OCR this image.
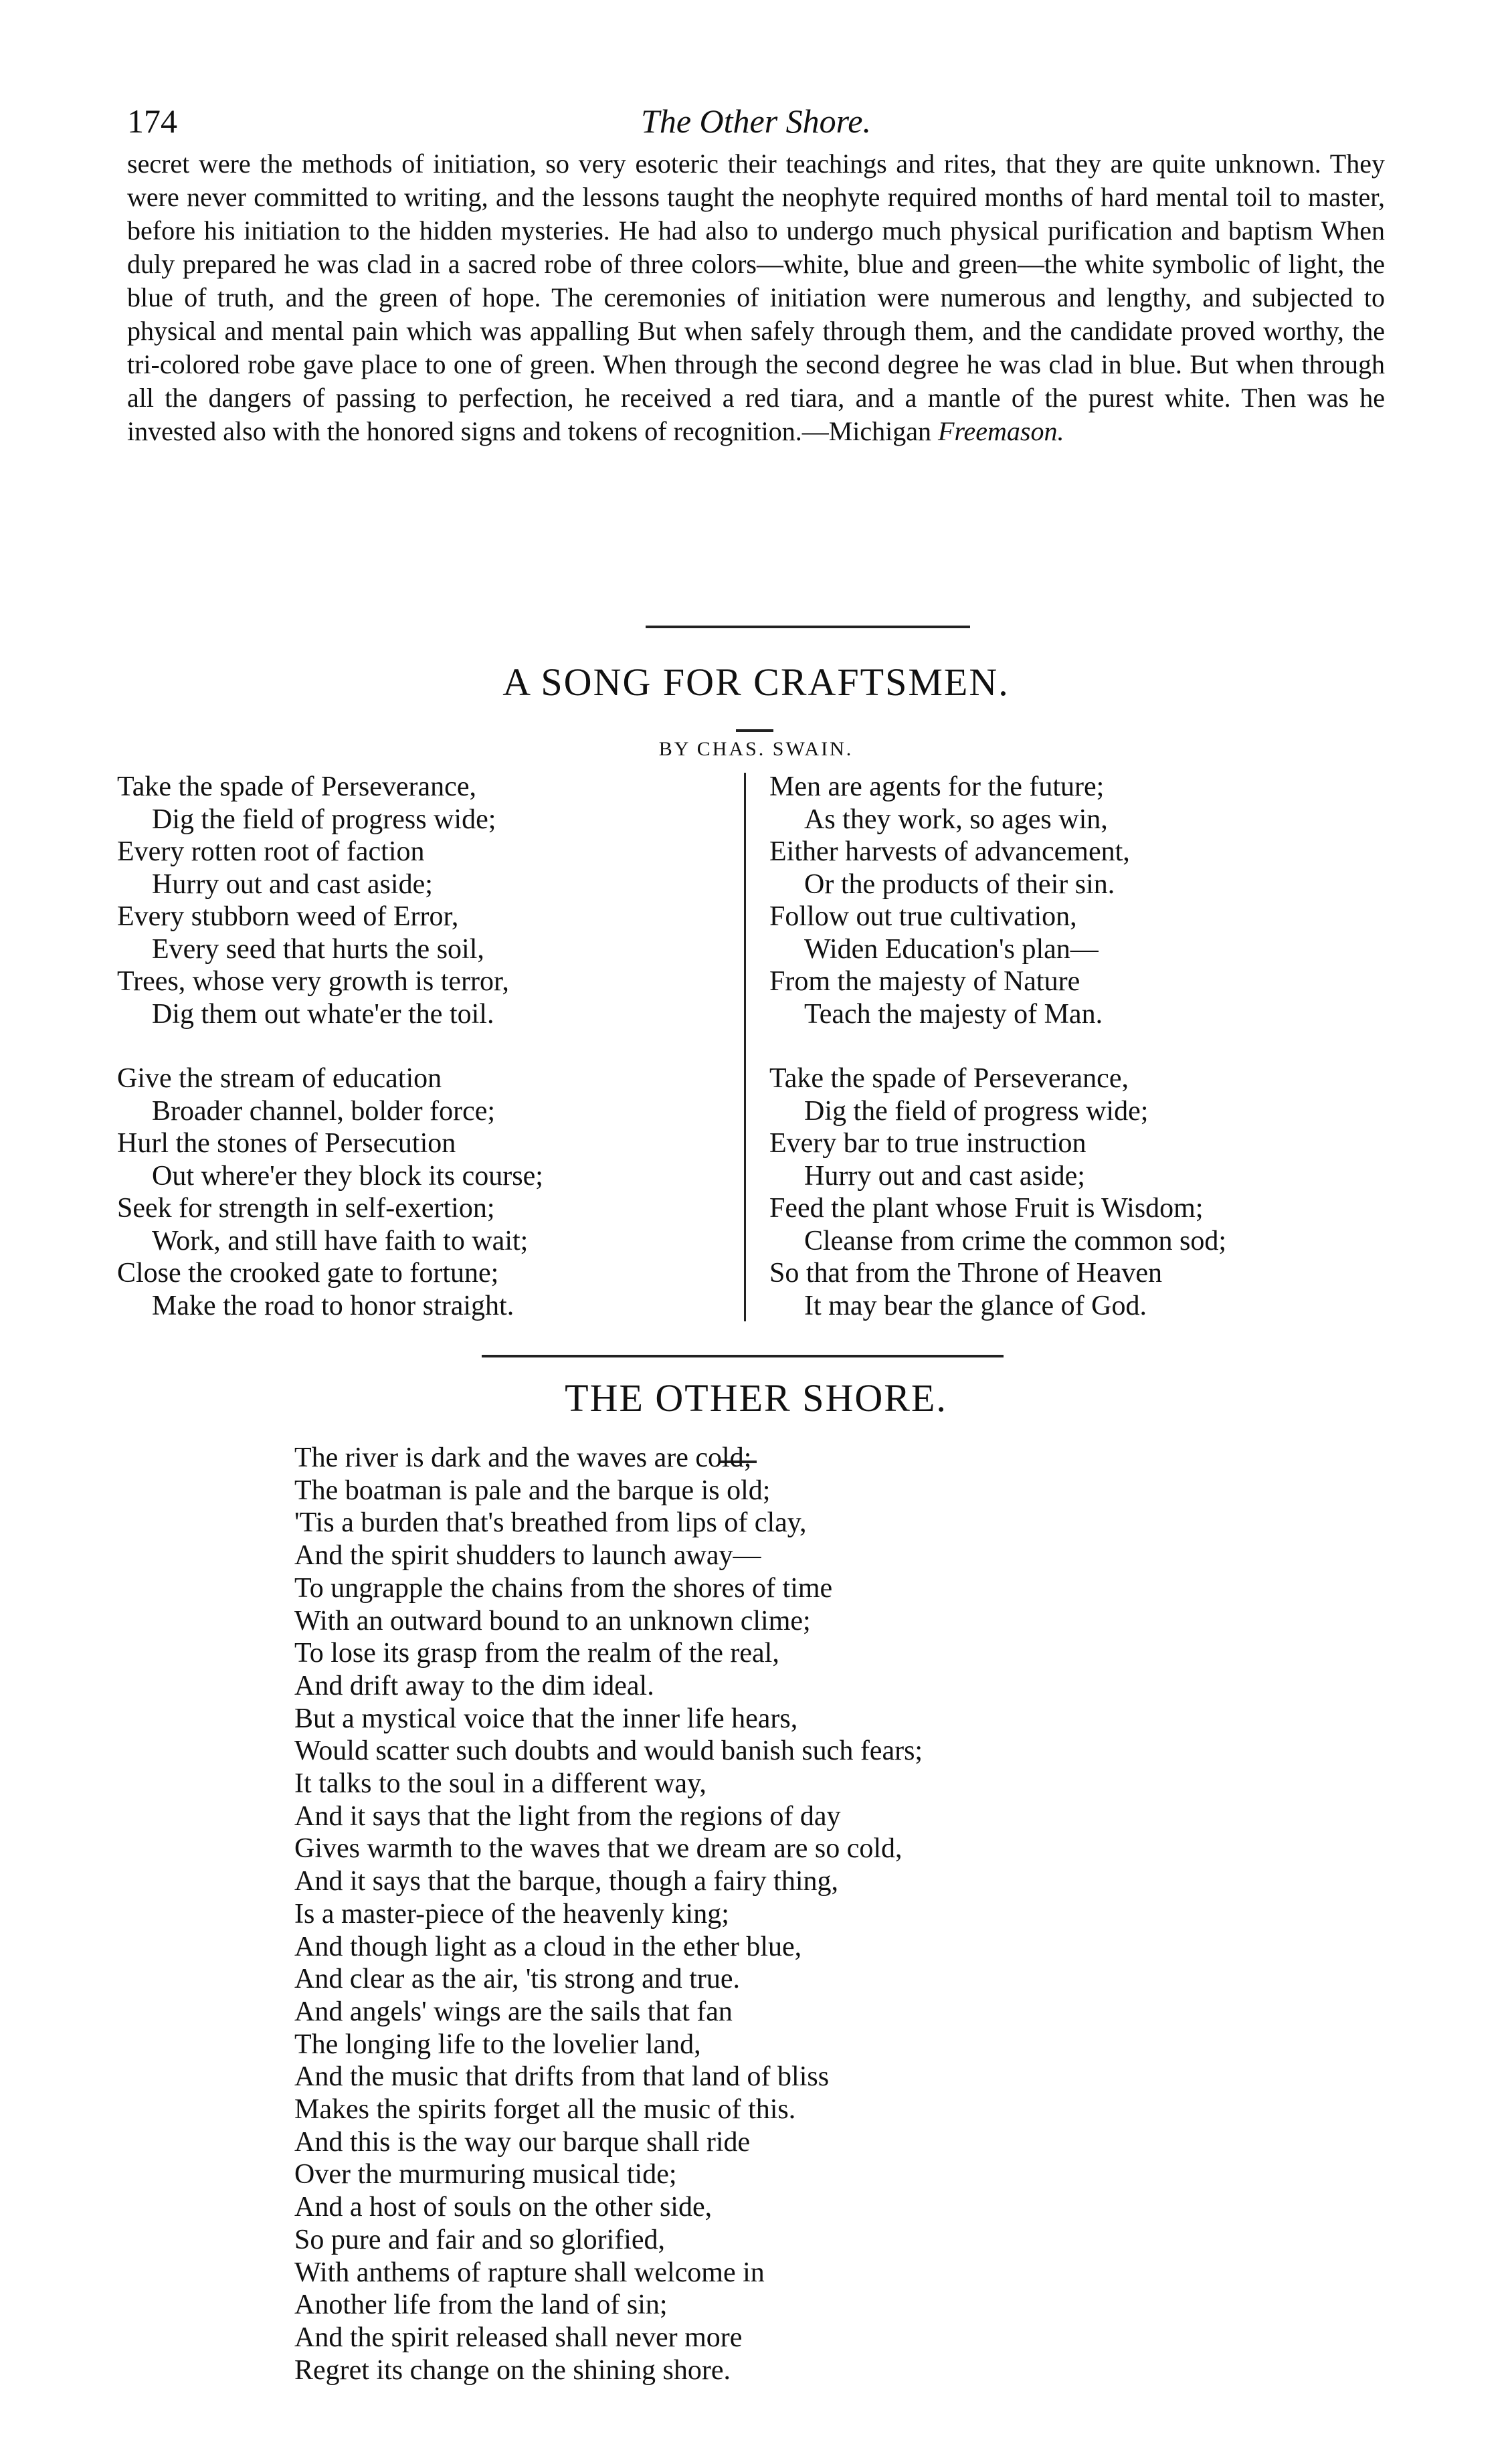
174	The Other Shore.

secret were the methods of initiation, so very esoteric their teachings and rites, that they are quite unknown. They were never committed to writing, and the lessons taught the neophyte required months of hard mental toil to master, before his initiation to the hidden mysteries. He had also to undergo much physical purification and baptism When duly prepared he was clad in a sacred robe of three colors—white, blue and green—the white symbolic of light, the blue of truth, and the green of hope. The ceremonies of initiation were numerous and lengthy, and subjected to physical and mental pain which was appalling But when safely through them, and the candidate proved worthy, the tri-colored robe gave place to one of green. When through the second degree he was clad in blue. But when through all the dangers of passing to perfection, he received a red tiara, and a mantle of the purest white. Then was he invested also with the honored signs and tokens of recognition.—Michigan Freemason.

A SONG FOR CRAFTSMEN.
BY CHAS. SWAIN.
Take the spade of Perseverance,
Dig the field of progress wide;
Every rotten root of faction
Hurry out and cast aside;
Every stubborn weed of Error,
Every seed that hurts the soil,
Trees, whose very growth is terror,
Dig them out whate'er the toil.
Give the stream of education
Broader channel, bolder force;
Hurl the stones of Persecution
Out where'er they block its course;
Seek for strength in self-exertion;
Work, and still have faith to wait;
Close the crooked gate to fortune;
Make the road to honor straight.
Men are agents for the future;
As they work, so ages win,
Either harvests of advancement,
Or the products of their sin.
Follow out true cultivation,
Widen Education's plan—
From the majesty of Nature
Teach the majesty of Man.
Take the spade of Perseverance,
Dig the field of progress wide;
Every bar to true instruction
Hurry out and cast aside;
Feed the plant whose Fruit is Wisdom;
Cleanse from crime the common sod;
So that from the Throne of Heaven
It may bear the glance of God.
THE OTHER SHORE.
The river is dark and the waves are cold;
The boatman is pale and the barque is old;
'Tis a burden that's breathed from lips of clay,
And the spirit shudders to launch away—
To ungrapple the chains from the shores of time
With an outward bound to an unknown clime;
To lose its grasp from the realm of the real,
And drift away to the dim ideal.
But a mystical voice that the inner life hears,
Would scatter such doubts and would banish such fears;
It talks to the soul in a different way,
And it says that the light from the regions of day
Gives warmth to the waves that we dream are so cold,
And it says that the barque, though a fairy thing,
Is a master-piece of the heavenly king;
And though light as a cloud in the ether blue,
And clear as the air, 'tis strong and true.
And angels' wings are the sails that fan
The longing life to the lovelier land,
And the music that drifts from that land of bliss
Makes the spirits forget all the music of this.
And this is the way our barque shall ride
Over the murmuring musical tide;
And a host of souls on the other side,
So pure and fair and so glorified,
With anthems of rapture shall welcome in
Another life from the land of sin;
And the spirit released shall never more
Regret its change on the shining shore.
